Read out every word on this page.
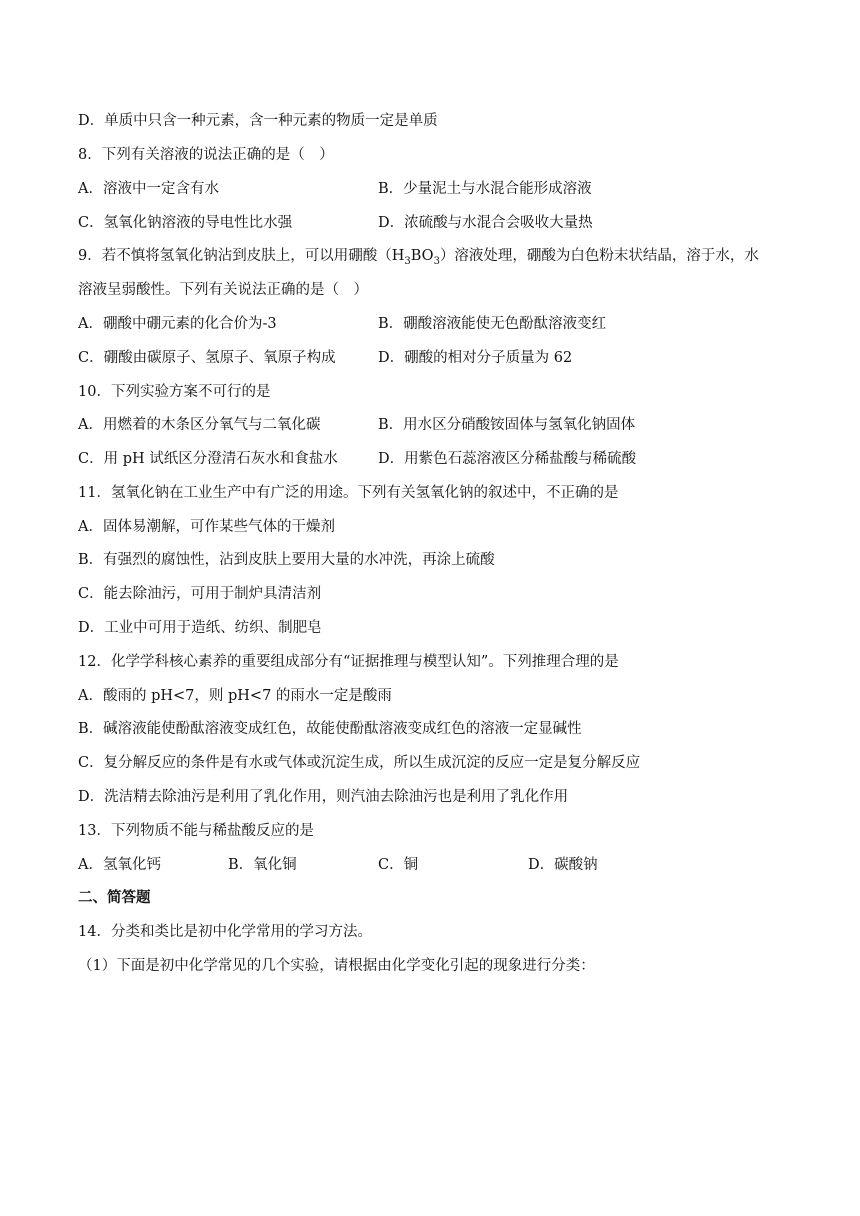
D．单质中只含一种元素，含一种元素的物质一定是单质
8．下列有关溶液的说法正确的是（　）
A．溶液中一定含有水	B．少量泥土与水混合能形成溶液
C．氢氧化钠溶液的导电性比水强	D．浓硫酸与水混合会吸收大量热
9．若不慎将氢氧化钠沾到皮肤上，可以用硼酸$(H_3BO_3)$溶液处理，硼酸为白色粉末状结晶，溶于水，水
溶液呈弱酸性。下列有关说法正确的是（　）
A．硼酸中硼元素的化合价为-3	B．硼酸溶液能使无色酚酞溶液变红
C．硼酸由碳原子、氢原子、氧原子构成	D．硼酸的相对分子质量为 62
10．下列实验方案不可行的是
A．用燃着的木条区分氧气与二氧化碳	B．用水区分硝酸铵固体与氢氧化钠固体
C．用 pH 试纸区分澄清石灰水和食盐水	D．用紫色石蕊溶液区分稀盐酸与稀硫酸
11．氢氧化钠在工业生产中有广泛的用途。下列有关氢氧化钠的叙述中，不正确的是
A．固体易潮解，可作某些气体的干燥剂
B．有强烈的腐蚀性，沾到皮肤上要用大量的水冲洗，再涂上硫酸
C．能去除油污，可用于制炉具清洁剂
D．工业中可用于造纸、纺织、制肥皂
12．化学学科核心素养的重要组成部分有“证据推理与模型认知”。下列推理合理的是
A．酸雨的 pH<7，则 pH<7 的雨水一定是酸雨
B．碱溶液能使酚酞溶液变成红色，故能使酚酞溶液变成红色的溶液一定显碱性
C．复分解反应的条件是有水或气体或沉淀生成，所以生成沉淀的反应一定是复分解反应
D．洗洁精去除油污是利用了乳化作用，则汽油去除油污也是利用了乳化作用
13．下列物质不能与稀盐酸反应的是
A．氢氧化钙	B．氧化铜	C．铜	D．碳酸钠
二、简答题
14．分类和类比是初中化学常用的学习方法。
（1）下面是初中化学常见的几个实验，请根据由化学变化引起的现象进行分类：
